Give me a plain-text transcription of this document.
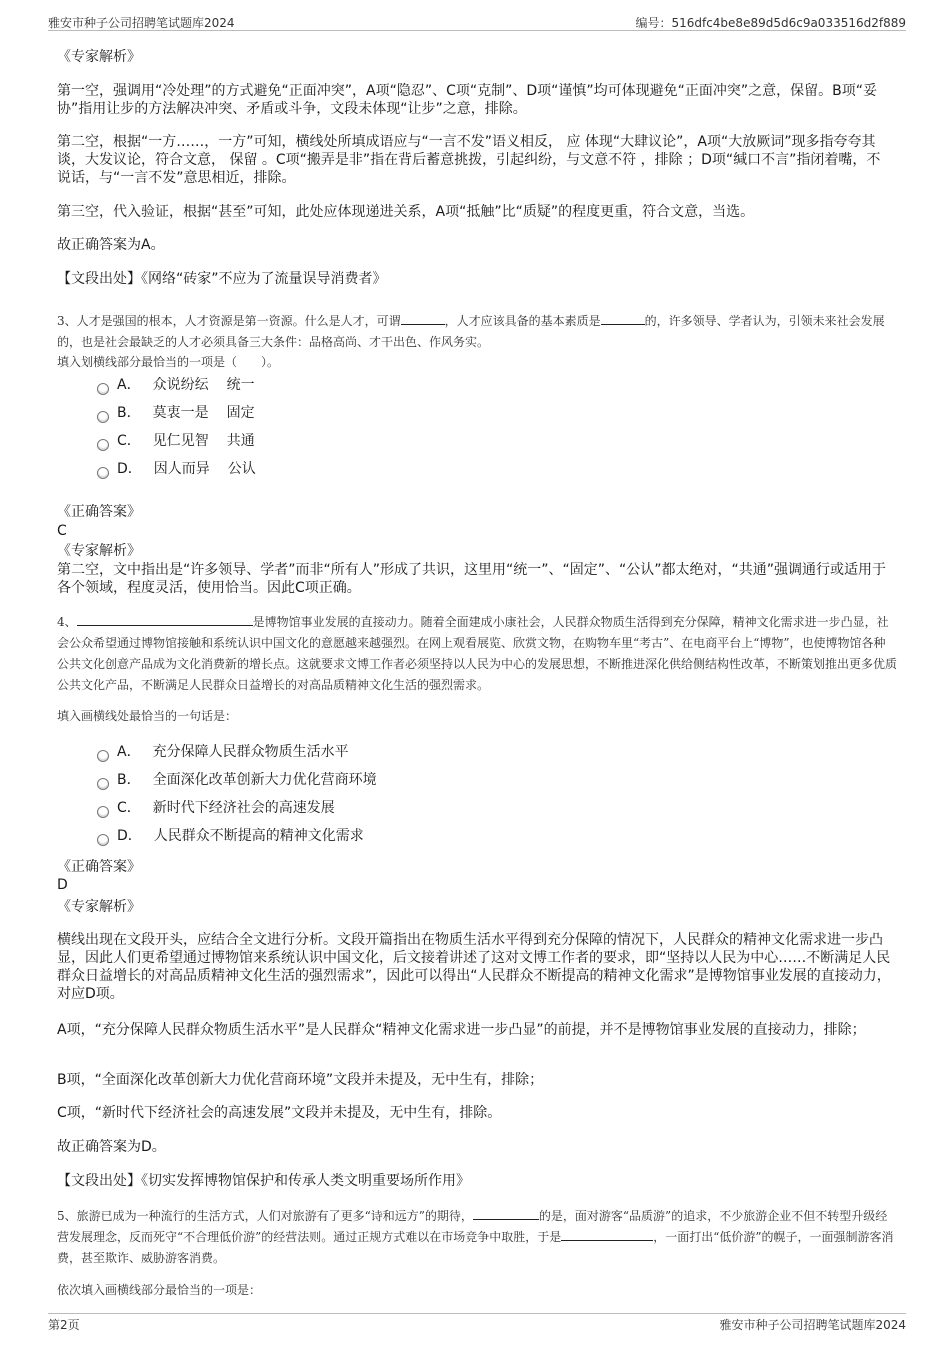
雅安市种子公司招聘笔试题库2024	编号：516dfc4be8e89d5d6c9a033516d2f889
《专家解析》
第一空，强调用“冷处理”的方式避免“正面冲突”，A项“隐忍”、C项“克制”、D项“谨慎”均可体现避免“正面冲突”之意，保留。B项“妥协”指用让步的方法解决冲突、矛盾或斗争，文段未体现“让步”之意，排除。
第二空，根据“一方……，一方”可知，横线处所填成语应与“一言不发”语义相反， 应 体现“大肆议论”，A项“大放厥词”现多指夸夸其谈，大发议论，符合文意， 保留 。C项“搬弄是非”指在背后蓄意挑拨，引起纠纷，与文意不符 ，排除 ；D项“缄口不言”指闭着嘴，不说话，与“一言不发”意思相近，排除。
第三空，代入验证，根据“甚至”可知，此处应体现递进关系，A项“抵触”比“质疑”的程度更重，符合文意，当选。
故正确答案为A。
【文段出处】《网络“砖家”不应为了流量误导消费者》
3、人才是强国的根本，人才资源是第一资源。什么是人才，可谓	，人才应该具备的基本素质是	的，许多领导、学者认为，引领未来社会发展的，也是社会最缺乏的人才必须具备三大条件：品格高尚、才干出色、作风务实。
填入划横线部分最恰当的一项是（　　）。
A． 众说纷纭 统一
B． 莫衷一是 固定
C． 见仁见智 共通
D． 因人而异 公认
《正确答案》
C
《专家解析》
第二空，文中指出是“许多领导、学者”而非“所有人”形成了共识，这里用“统一”、“固定”、“公认”都太绝对，“共通”强调通行或适用于各个领域，程度灵活，使用恰当。因此C项正确。
4、	是博物馆事业发展的直接动力。随着全面建成小康社会，人民群众物质生活得到充分保障，精神文化需求进一步凸显，社会公众希望通过博物馆接触和系统认识中国文化的意愿越来越强烈。在网上观看展览、欣赏文物，在购物车里“考古”、在电商平台上“博物”，也使博物馆各种公共文化创意产品成为文化消费新的增长点。这就要求文博工作者必须坚持以人民为中心的发展思想，不断推进深化供给侧结构性改革，不断策划推出更多优质公共文化产品，不断满足人民群众日益增长的对高品质精神文化生活的强烈需求。
填入画横线处最恰当的一句话是：
A． 充分保障人民群众物质生活水平
B． 全面深化改革创新大力优化营商环境
C． 新时代下经济社会的高速发展
D． 人民群众不断提高的精神文化需求
《正确答案》
D
《专家解析》
横线出现在文段开头，应结合全文进行分析。文段开篇指出在物质生活水平得到充分保障的情况下，人民群众的精神文化需求进一步凸显，因此人们更希望通过博物馆来系统认识中国文化，后文接着讲述了这对文博工作者的要求，即“坚持以人民为中心……不断满足人民群众日益增长的对高品质精神文化生活的强烈需求”，因此可以得出“人民群众不断提高的精神文化需求”是博物馆事业发展的直接动力，对应D项。
A项，“充分保障人民群众物质生活水平”是人民群众“精神文化需求进一步凸显”的前提，并不是博物馆事业发展的直接动力，排除；
B项，“全面深化改革创新大力优化营商环境”文段并未提及，无中生有，排除；
C项，“新时代下经济社会的高速发展”文段并未提及，无中生有，排除。
故正确答案为D。
【文段出处】《切实发挥博物馆保护和传承人类文明重要场所作用》
5、旅游已成为一种流行的生活方式，人们对旅游有了更多“诗和远方”的期待，	的是，面对游客“品质游”的追求，不少旅游企业不但不转型升级经营发展理念，反而死守“不合理低价游”的经营法则。通过正规方式难以在市场竞争中取胜，于是	，一面打出“低价游”的幌子，一面强制游客消费，甚至欺诈、威胁游客消费。
依次填入画横线部分最恰当的一项是：
第2页	雅安市种子公司招聘笔试题库2024
